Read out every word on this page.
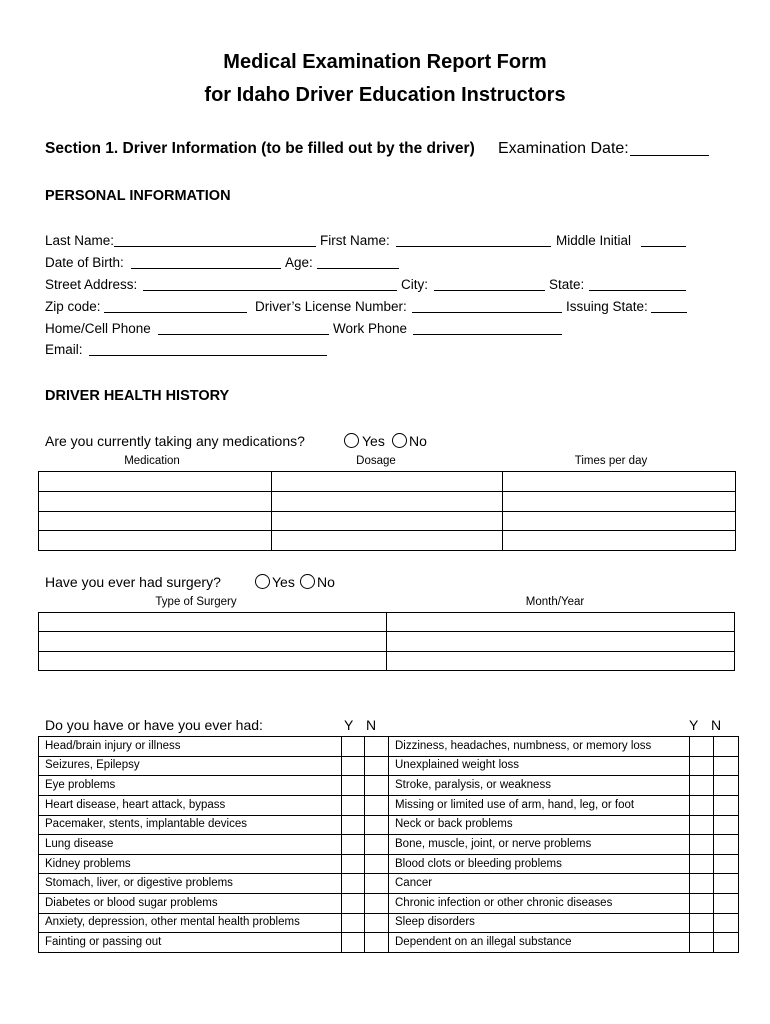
Medical Examination Report Form
for Idaho Driver Education Instructors
Section 1. Driver Information (to be filled out by the driver) Examination Date:
PERSONAL INFORMATION
Last Name:	First Name:	Middle Initial
Date of Birth:	Age:
Street Address:	City:	State:
Zip code:	Driver’s License Number:	Issuing State:
Home/Cell Phone	Work Phone
Email:
DRIVER HEALTH HISTORY
Are you currently taking any medications?	Yes No
Medication	Dosage	Times per day

Have you ever had surgery?	Yes No
Type of Surgery	Month/Year

Do you have or have you ever had:	Y N	Y N
Head/brain injury or illness			Dizziness, headaches, numbness, or memory loss		
Seizures, Epilepsy			Unexplained weight loss		
Eye problems			Stroke, paralysis, or weakness		
Heart disease, heart attack, bypass			Missing or limited use of arm, hand, leg, or foot		
Pacemaker, stents, implantable devices			Neck or back problems		
Lung disease			Bone, muscle, joint, or nerve problems		
Kidney problems			Blood clots or bleeding problems		
Stomach, liver, or digestive problems			Cancer		
Diabetes or blood sugar problems			Chronic infection or other chronic diseases		
Anxiety, depression, other mental health problems			Sleep disorders		
Fainting or passing out			Dependent on an illegal substance		
